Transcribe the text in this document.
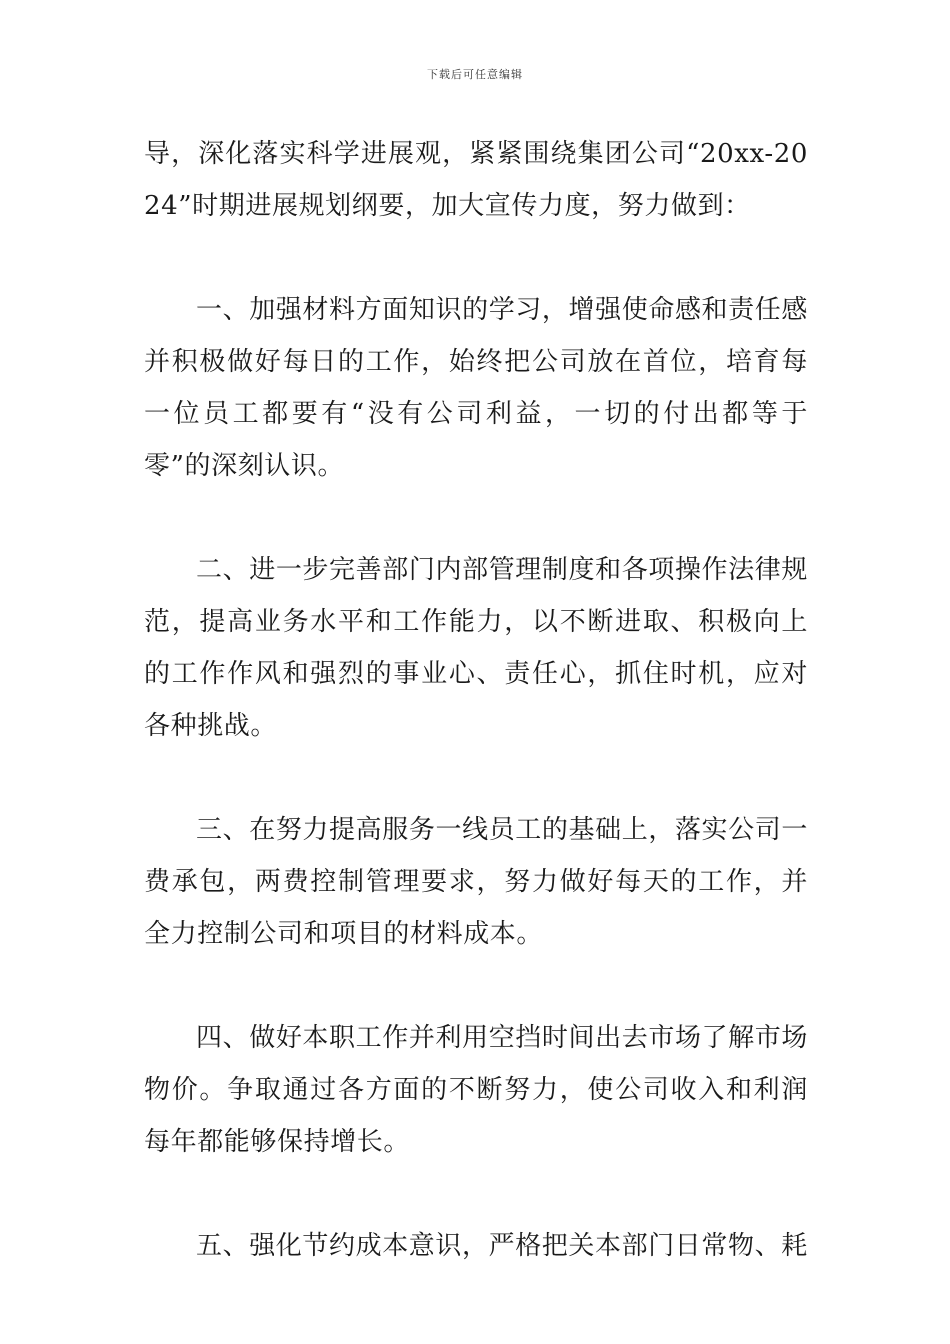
下载后可任意编辑

导，深化落实科学进展观，紧紧围绕集团公司“20xx-2024”时期进展规划纲要，加大宣传力度，努力做到：

一、加强材料方面知识的学习，增强使命感和责任感并积极做好每日的工作，始终把公司放在首位，培育每一位员工都要有“没有公司利益，一切的付出都等于零”的深刻认识。

二、进一步完善部门内部管理制度和各项操作法律规范，提高业务水平和工作能力，以不断进取、积极向上的工作作风和强烈的事业心、责任心，抓住时机，应对各种挑战。

三、在努力提高服务一线员工的基础上，落实公司一费承包，两费控制管理要求，努力做好每天的工作，并全力控制公司和项目的材料成本。

四、做好本职工作并利用空挡时间出去市场了解市场物价。争取通过各方面的不断努力，使公司收入和利润每年都能够保持增长。

五、强化节约成本意识，严格把关本部门日常物、耗
